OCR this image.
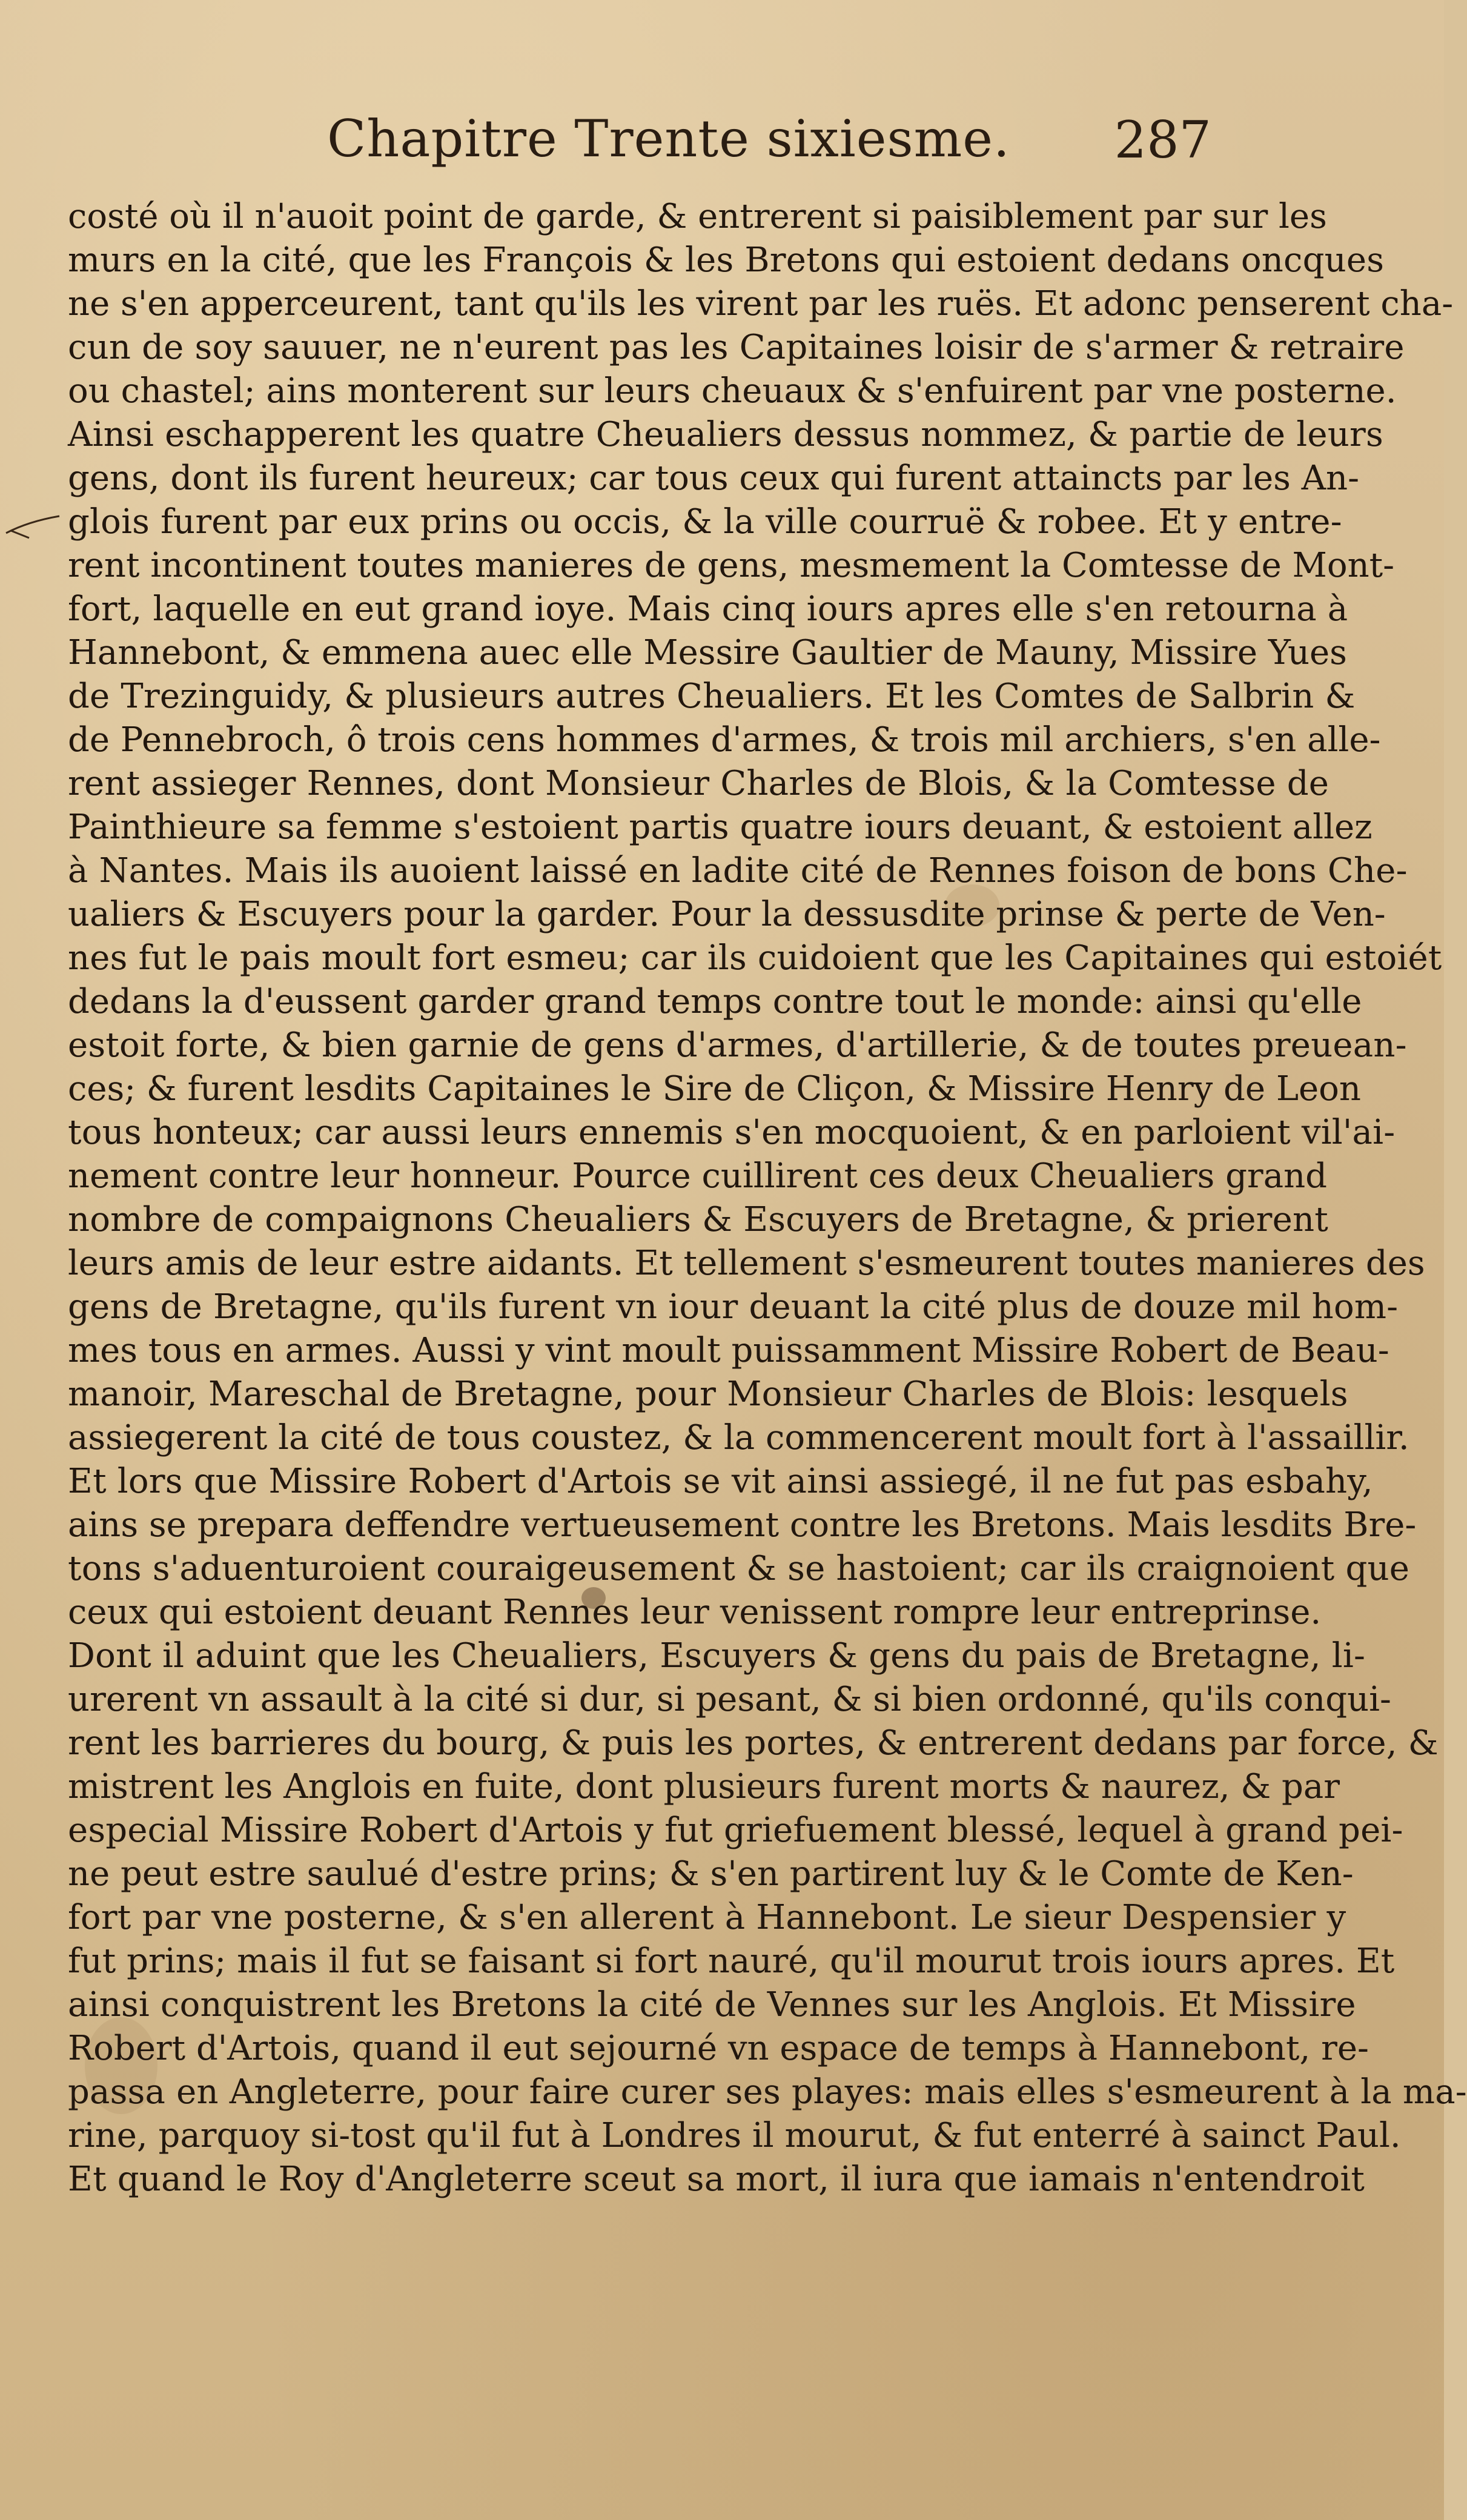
Chapitre Trente sixiesme. 287
costé où il n'auoit point de garde, & entrerent si paisiblement par sur les
murs en la cité, que les François & les Bretons qui estoient dedans oncques
ne s'en apperceurent, tant qu'ils les virent par les ruës. Et adonc penserent cha-
cun de soy sauuer, ne n'eurent pas les Capitaines loisir de s'armer & retraire
ou chastel; ains monterent sur leurs cheuaux & s'enfuirent par vne posterne.
Ainsi eschapperent les quatre Cheualiers dessus nommez, & partie de leurs
gens, dont ils furent heureux; car tous ceux qui furent attaincts par les An-
glois furent par eux prins ou occis, & la ville courruë & robee. Et y entre-
rent incontinent toutes manieres de gens, mesmement la Comtesse de Mont-
fort, laquelle en eut grand ioye. Mais cinq iours apres elle s'en retourna à
Hannebont, & emmena auec elle Messire Gaultier de Mauny, Missire Yues
de Trezinguidy, & plusieurs autres Cheualiers. Et les Comtes de Salbrin &
de Pennebroch, ô trois cens hommes d'armes, & trois mil archiers, s'en alle-
rent assieger Rennes, dont Monsieur Charles de Blois, & la Comtesse de
Painthieure sa femme s'estoient partis quatre iours deuant, & estoient allez
à Nantes. Mais ils auoient laissé en ladite cité de Rennes foison de bons Che-
ualiers & Escuyers pour la garder. Pour la dessusdite prinse & perte de Ven-
nes fut le pais moult fort esmeu; car ils cuidoient que les Capitaines qui estoiét
dedans la d'eussent garder grand temps contre tout le monde: ainsi qu'elle
estoit forte, & bien garnie de gens d'armes, d'artillerie, & de toutes preuean-
ces; & furent lesdits Capitaines le Sire de Cliçon, & Missire Henry de Leon
tous honteux; car aussi leurs ennemis s'en mocquoient, & en parloient vil'ai-
nement contre leur honneur. Pource cuillirent ces deux Cheualiers grand
nombre de compaignons Cheualiers & Escuyers de Bretagne, & prierent
leurs amis de leur estre aidants. Et tellement s'esmeurent toutes manieres des
gens de Bretagne, qu'ils furent vn iour deuant la cité plus de douze mil hom-
mes tous en armes. Aussi y vint moult puissamment Missire Robert de Beau-
manoir, Mareschal de Bretagne, pour Monsieur Charles de Blois: lesquels
assiegerent la cité de tous coustez, & la commencerent moult fort à l'assaillir.
Et lors que Missire Robert d'Artois se vit ainsi assiegé, il ne fut pas esbahy,
ains se prepara deffendre vertueusement contre les Bretons. Mais lesdits Bre-
tons s'aduenturoient couraigeusement & se hastoient; car ils craignoient que
ceux qui estoient deuant Rennes leur venissent rompre leur entreprinse.
Dont il aduint que les Cheualiers, Escuyers & gens du pais de Bretagne, li-
urerent vn assault à la cité si dur, si pesant, & si bien ordonné, qu'ils conqui-
rent les barrieres du bourg, & puis les portes, & entrerent dedans par force, &
mistrent les Anglois en fuite, dont plusieurs furent morts & naurez, & par
especial Missire Robert d'Artois y fut griefuement blessé, lequel à grand pei-
ne peut estre saulué d'estre prins; & s'en partirent luy & le Comte de Ken-
fort par vne posterne, & s'en allerent à Hannebont. Le sieur Despensier y
fut prins; mais il fut se faisant si fort nauré, qu'il mourut trois iours apres. Et
ainsi conquistrent les Bretons la cité de Vennes sur les Anglois. Et Missire
Robert d'Artois, quand il eut sejourné vn espace de temps à Hannebont, re-
passa en Angleterre, pour faire curer ses playes: mais elles s'esmeurent à la ma-
rine, parquoy si-tost qu'il fut à Londres il mourut, & fut enterré à sainct Paul.
Et quand le Roy d'Angleterre sceut sa mort, il iura que iamais n'entendroit
